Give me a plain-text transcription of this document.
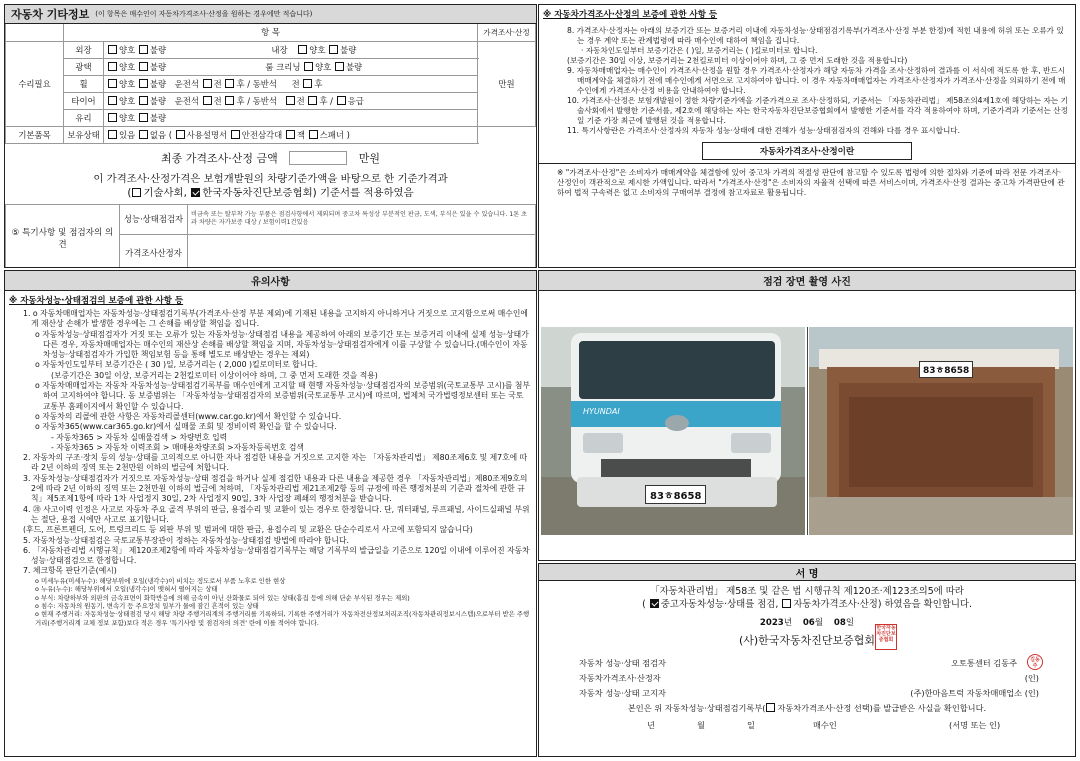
자동차 기타정보 (이 항목은 매수인이 자동차가격조사·산정을 원하는 경우에만 적습니다)
	항 목		가격조사·산정
수리필요	외장	양호 불량 내장 양호 불량	만원
	광택	양호 불량 룸 크리닝 양호 불량	
	휠	양호 불량 운전석 전 후 / 동반석 전 후	
	타이어	양호 불량 운전석 전 후 / 동반석 전 후 / 응급	
	유리	양호 불량	
기본품목	보유상태	있음 없음 ( 사용설명서 안전삼각대 잭 스패너 )	
최종 가격조사·산정 금액	만원
이 가격조사·산정가격은 보험개발원의 차량기준가액을 바탕으로 한 기준가격과
( 기술사회, 한국자동차진단보증협회) 기준서를 적용하였음
⑤ 특기사항 및 점검자의 의견	성능·상태점검자	비금속 또는 탈부착 가능 부품은 점검사항에서 제외되며 중고차 특성상 부분적인 판금, 도색, 부식은 있을 수 있습니다. 1톤 초과 차량은 자가보증 대상 / 보험이력1건있음
	가격조사산정자	
※ 자동차가격조사·산정의 보증에 관한 사항 등

8. 가격조사·산정자는 아래의 보증기간 또는 보증거리 이내에 자동차성능·상태점검기록부(가격조사·산정 부분 한정)에 적힌 내용에 허위 또는 오류가 있는 경우 계약 또는 관계법령에 따라 매수인에 대하여 책임을 집니다.

· 자동차인도일부터 보증기간은 ( )일, 보증거리는 ( )킬로미터로 합니다.

(보증기간은 30일 이상, 보증거리는 2천킬로미터 이상이어야 하며, 그 중 먼저 도래한 것을 적용합니다)

9. 자동차매매업자는 매수인이 가격조사·산정을 원할 경우 가격조사·산정자가 해당 자동차 가격을 조사·산정하여 결과를 이 서식에 적도록 한 후, 반드시 매매계약을 체결하기 전에 매수인에게 서면으로 고지하여야 합니다. 이 경우 자동차매매업자는 가격조사·산정자가 가격조사·산정을 의뢰하기 전에 매수인에게 가격조사·산정 비용을 안내하여야 합니다.

10. 가격조사·산정은 보험개발원이 정한 차량기준가액을 기준가격으로 조사·산정하되, 기준서는 「자동차관리법」 제58조의4제1호에 해당하는 자는 기술사회에서 발행한 기준서를, 제2호에 해당하는 자는 한국자동차진단보증협회에서 발행한 기준서를 각각 적용하여야 하며, 기준가격과 기준서는 산정일 기준 가장 최근에 발행된 것을 적용합니다.

11. 특기사항란은 가격조사·산정자의 자동차 성능·상태에 대한 견해가 성능·상태점검자의 견해와 다를 경우 표시합니다.

자동차가격조사·산정이란
※ "가격조사·산정"은 소비자가 매매계약을 체결함에 있어 중고차 가격의 적절성 판단에 참고할 수 있도록 법령에 의한 절차와 기준에 따라 전문 가격조사·산정인이 객관적으로 제시한 가액입니다. 따라서 "가격조사·산정"은 소비자의 자율적 선택에 따른 서비스이며, 가격조사·산정 결과는 중고차 가격판단에 관하여 법적 구속력은 없고 소비자의 구매여부 결정에 참고자료로 활용됩니다.
유의사항
※ 자동차성능·상태점검의 보증에 관한 사항 등

1. o 자동차매매업자는 자동차성능·상태점검기록부(가격조사·산정 부분 제외)에 기재된 내용을 고지하지 아니하거나 거짓으로 고지함으로써 매수인에게 재산상 손해가 발생한 경우에는 그 손해를 배상할 책임을 집니다.

o 자동차성능·상태점검자가 거짓 또는 오류가 있는 자동차성능·상태점검 내용을 제공하여 아래의 보증기간 또는 보증거리 이내에 실제 성능·상태가 다른 경우, 자동차매매업자는 매수인의 재산상 손해를 배상할 책임을 지며, 자동차성능·상태점검자에게 이를 구상할 수 있습니다.(매수인이 자동차성능·상태점검자가 가입한 책임보험 등을 통해 별도로 배상받는 경우는 제외)

o 자동차인도일부터 보증기간은 ( 30 )일, 보증거리는 ( 2,000 )킬로미터로 합니다.

(보증기간은 30일 이상, 보증거리는 2천킬로미터 이상이어야 하며, 그 중 먼저 도래한 것을 적용)

o 자동차매매업자는 자동차 자동차성능·상태점검기록부를 매수인에게 고지할 때 현행 자동차성능·상태점검자의 보증범위(국토교통부 고시)를 첨부하여 고지하여야 합니다. 동 보증범위는 「자동차성능·상태점검자의 보증범위(국토교통부 고시)에 따르며, 법제처 국가법령정보센터 또는 국토교통부 홈페이지에서 확인할 수 있습니다.

o 자동차의 리콜에 관한 사항은 자동차리콜센터(www.car.go.kr)에서 확인할 수 있습니다.

o 자동차365(www.car365.go.kr)에서 실매물 조회 및 정비이력 확인을 할 수 있습니다.

- 자동차365 > 자동차 실매물검색 > 차량번호 입력

- 자동차365 > 자동차 이력조회 > 매매용차량조회 >자동차등록번호 검색

2. 자동차의 구조·장치 등의 성능·상태를 고의적으로 아니한 자나 점검한 내용을 거짓으로 고지한 자는 「자동차관리법」 제80조제6호 및 제7호에 따라 2년 이하의 징역 또는 2천만원 이하의 벌금에 처합니다.

3. 자동차성능·상태점검자가 거짓으로 자동차성능·상태 점검을 하거나 실제 점검한 내용과 다른 내용을 제공한 경우 「자동차관리법」제80조제9호의2에 따라 2년 이하의 징역 또는 2천만원 이하의 벌금에 처하며, 「자동차관리법 제21조제2항 등의 규정에 따른 행정처분의 기준과 절차에 관한 규칙」제5조제1항에 따라 1차 사업정지 30일, 2차 사업정지 90일, 3차 사업장 폐쇄의 행정처분을 받습니다.

4. ⑳ 사고이력 인정은 사고로 자동차 주요 골격 부위의 판금, 용접수리 및 교환이 있는 경우로 한정합니다. 단, 쿼터패널, 루프패널, 사이드실패널 부위는 절단, 용접 시에만 사고로 표기합니다.

(후드, 프론트펜더, 도어, 트렁크리드 등 외판 부위 및 범퍼에 대한 판금, 용접수리 및 교환은 단순수리로서 사고에 포함되지 않습니다)

5. 자동차성능·상태점검은 국토교통부장관이 정하는 자동차성능·상태점검 방법에 따라야 합니다.

6. 「자동차관리법 시행규칙」 제120조제2항에 따라 자동차성능·상태점검기록부는 해당 기록부의 발급일을 기준으로 120일 이내에 이루어진 자동차 성능·상태점검으로 한정합니다.

7. 체크항목 판단기준(예시)

o 미세누유(미세누수): 해당부위에 오일(냉각수)이 비치는 정도로서 부품 노후로 인한 현상

o 누유(누수): 해당부위에서 오일(냉각수)이 맺혀서 떨어지는 상태

o 부식: 차량하부와 외판의 금속표면이 화학반응에 의해 금속이 아닌 산화물로 되어 있는 상태(흠집 등에 의해 단순 부식된 경우는 제외)

o 침수: 자동차의 원동기, 변속기 등 주요장치 일부가 물에 잠긴 흔적이 있는 상태

o 현재 주행거리: 자동차성능·상태점검 당시 해당 차량 주행거리계의 주행거리를 기록하되, 기록한 주행거리가 자동차전산정보처리조직(자동차관리정보시스템)으로부터 받은 주행거리(주행거리계 교체 정보 포함)보다 적은 경우 '특기사항 및 점검자의 의견' 란에 이를 적어야 합니다.

점검 장면 촬영 사진
HYUNDAI
83ㅎ8658
83ㅎ8658
서 명
「자동차관리법」 제58조 및 같은 법 시행규칙 제120조·제123조의5에 따라
( 중고자동차성능·상태를 점검, 자동차가격조사·산정) 하였음을 확인합니다.
2023년 06월 08일
(사)한국자동차진단보증협회
한국자동차진단보증협회
자동차 성능·상태 점검자	오토통센터 김동주	김동주
자동차가격조사·산정자	(인)
자동차 성능·상태 고지자	(주)한마음트럭 자동차매매업소 (인)
본인은 위 자동차성능·상태점검기록부( 자동차가격조사·산정 선택)를 발급받은 사실을 확인합니다.
년	월	일	매수인	(서명 또는 인)
